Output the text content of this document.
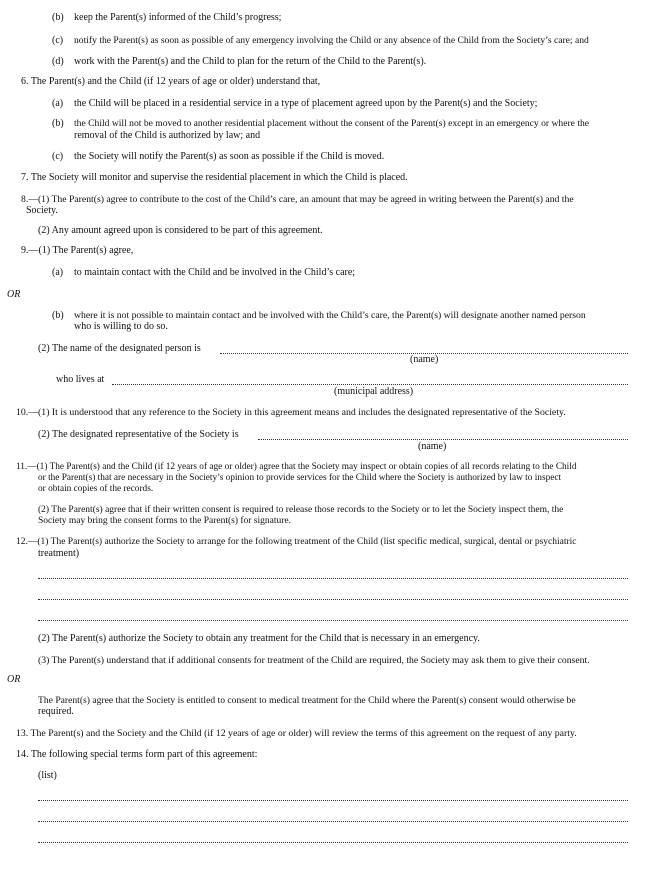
(b) keep the Parent(s) informed of the Child’s progress;
(c) notify the Parent(s) as soon as possible of any emergency involving the Child or any absence of the Child from the Society’s care; and
(d) work with the Parent(s) and the Child to plan for the return of the Child to the Parent(s).
6. The Parent(s) and the Child (if 12 years of age or older) understand that,
(a) the Child will be placed in a residential service in a type of placement agreed upon by the Parent(s) and the Society;
(b) the Child will not be moved to another residential placement without the consent of the Parent(s) except in an emergency or where the
removal of the Child is authorized by law; and
(c) the Society will notify the Parent(s) as soon as possible if the Child is moved.
7. The Society will monitor and supervise the residential placement in which the Child is placed.
8.—(1) The Parent(s) agree to contribute to the cost of the Child’s care, an amount that may be agreed in writing between the Parent(s) and the
Society.
(2) Any amount agreed upon is considered to be part of this agreement.
9.—(1) The Parent(s) agree,
(a) to maintain contact with the Child and be involved in the Child’s care;
OR
(b) where it is not possible to maintain contact and be involved with the Child’s care, the Parent(s) will designate another named person
who is willing to do so.
(2) The name of the designated person is
(name)
who lives at
(municipal address)
10.—(1) It is understood that any reference to the Society in this agreement means and includes the designated representative of the Society.
(2) The designated representative of the Society is
(name)
11.—(1) The Parent(s) and the Child (if 12 years of age or older) agree that the Society may inspect or obtain copies of all records relating to the Child
or the Parent(s) that are necessary in the Society’s opinion to provide services for the Child where the Society is authorized by law to inspect
or obtain copies of the records.
(2) The Parent(s) agree that if their written consent is required to release those records to the Society or to let the Society inspect them, the
Society may bring the consent forms to the Parent(s) for signature.
12.—(1) The Parent(s) authorize the Society to arrange for the following treatment of the Child (list specific medical, surgical, dental or psychiatric
treatment)
(2) The Parent(s) authorize the Society to obtain any treatment for the Child that is necessary in an emergency.
(3) The Parent(s) understand that if additional consents for treatment of the Child are required, the Society may ask them to give their consent.
OR
The Parent(s) agree that the Society is entitled to consent to medical treatment for the Child where the Parent(s) consent would otherwise be
required.
13. The Parent(s) and the Society and the Child (if 12 years of age or older) will review the terms of this agreement on the request of any party.
14. The following special terms form part of this agreement:
(list)
